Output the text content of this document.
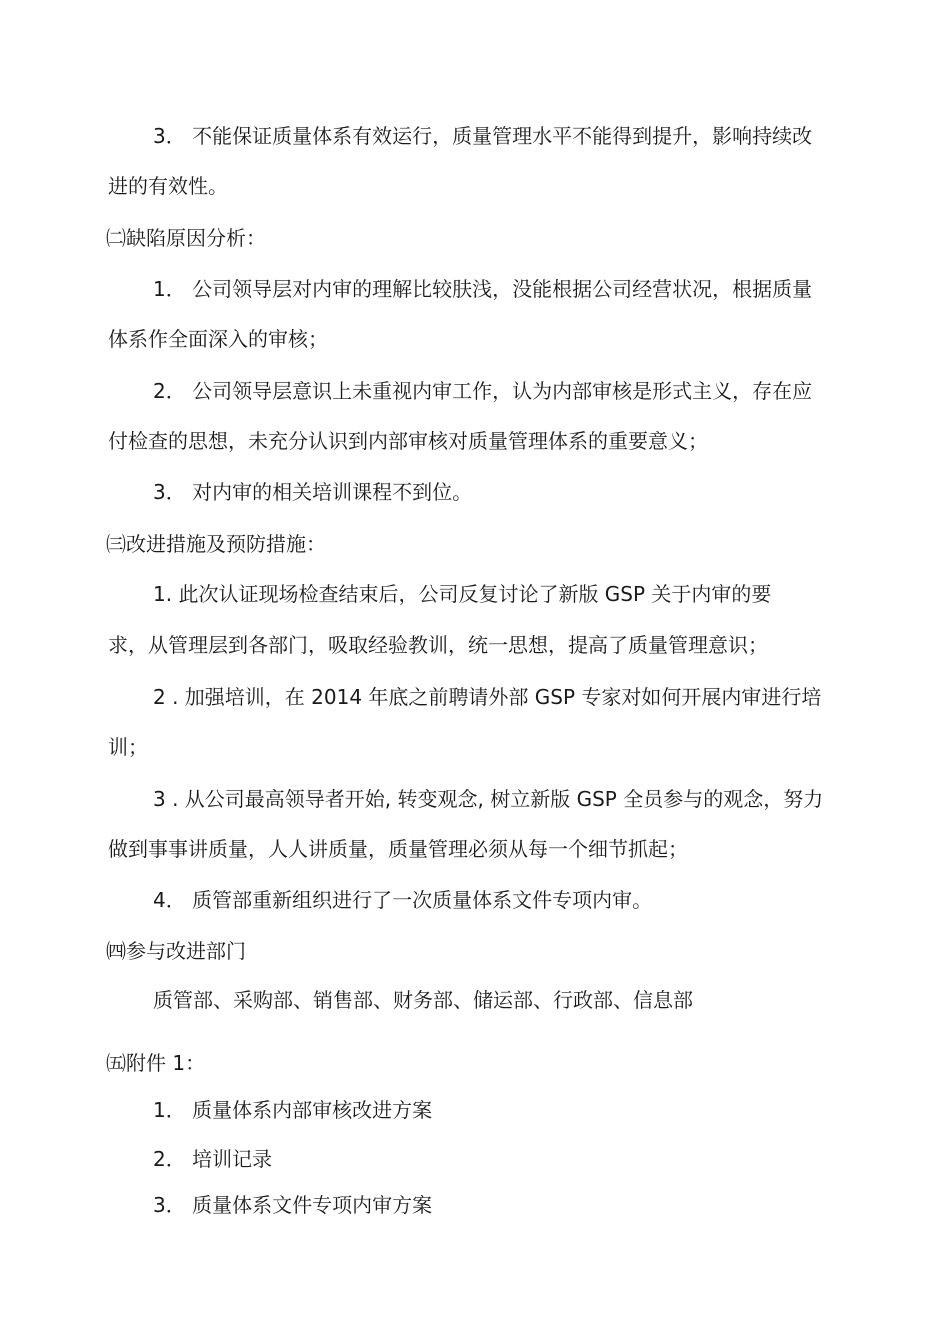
3． 不能保证质量体系有效运行，质量管理水平不能得到提升，影响持续改
进的有效性。
㈡缺陷原因分析：
1． 公司领导层对内审的理解比较肤浅，没能根据公司经营状况，根据质量
体系作全面深入的审核；
2． 公司领导层意识上未重视内审工作，认为内部审核是形式主义，存在应
付检查的思想，未充分认识到内部审核对质量管理体系的重要意义；
3． 对内审的相关培训课程不到位。
㈢改进措施及预防措施：
1. 此次认证现场检查结束后，公司反复讨论了新版 GSP 关于内审的要
求，从管理层到各部门，吸取经验教训，统一思想，提高了质量管理意识；
2 . 加强培训，在 2014 年底之前聘请外部 GSP 专家对如何开展内审进行培
训；
3 . 从公司最高领导者开始, 转变观念, 树立新版 GSP 全员参与的观念，努力
做到事事讲质量，人人讲质量，质量管理必须从每一个细节抓起；
4． 质管部重新组织进行了一次质量体系文件专项内审。
㈣参与改进部门
质管部、采购部、销售部、财务部、储运部、行政部、信息部
㈤附件 1：
1． 质量体系内部审核改进方案
2． 培训记录
3． 质量体系文件专项内审方案
